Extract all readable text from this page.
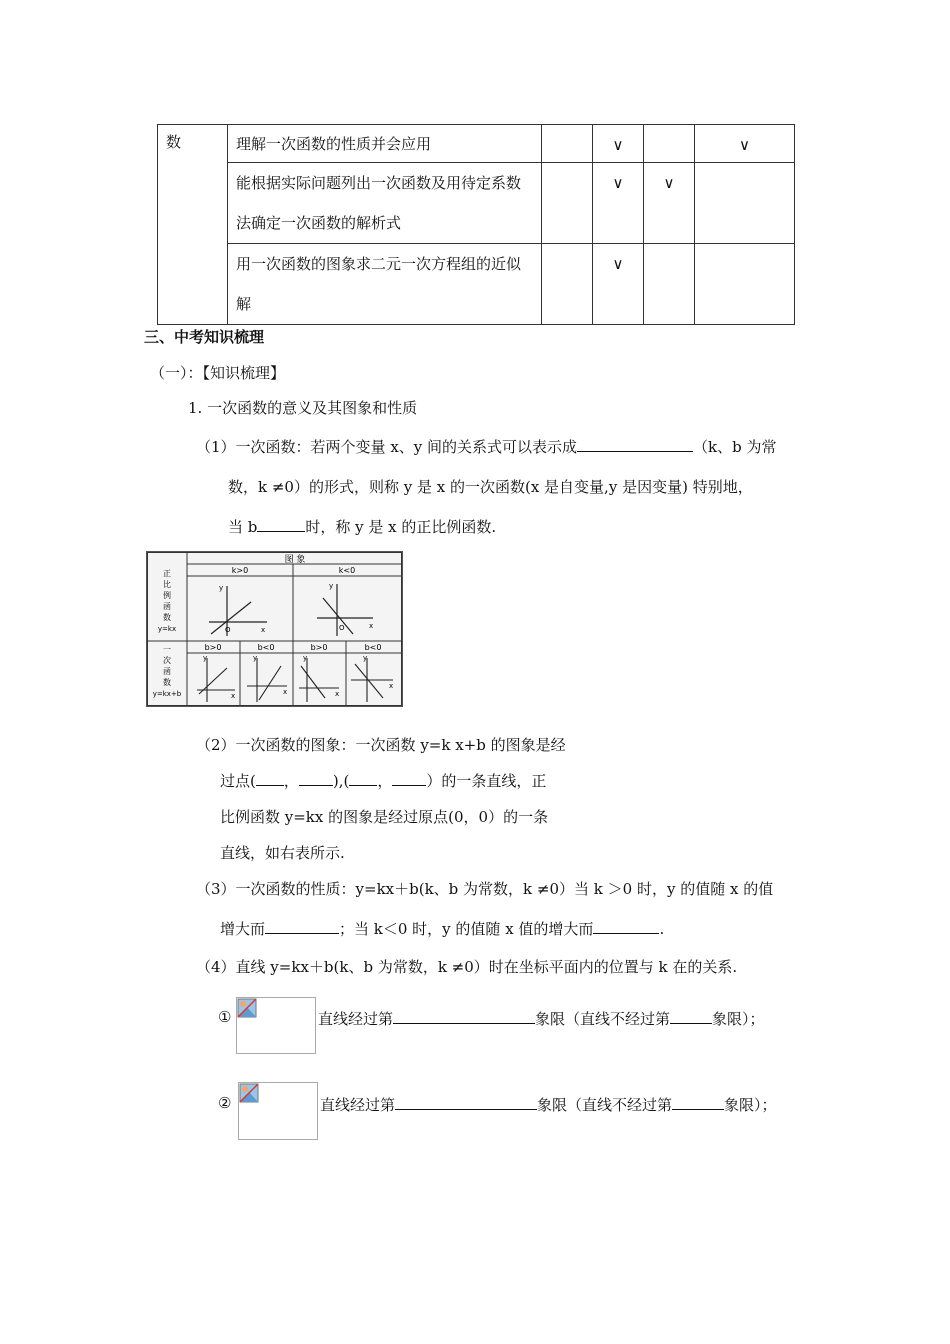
数	理解一次函数的性质并会应用		∨		∨

	能根据实际问题列出一次函数及用待定系数法确定一次函数的解析式		∨	∨	

	用一次函数的图象求二元一次方程组的近似解		∨		

三、中考知识梳理
（一）：【知识梳理】
1. 一次函数的意义及其图象和性质
（1）一次函数：若两个变量 x、y 间的关系式可以表示成	（k、b 为常
数，k ≠0）的形式，则称 y 是 x 的一次函数(x 是自变量,y 是因变量) 特别地，
当 b	时，称 y 是 x 的正比例函数.
图 象
正比例函数 y=kx
一次函数 y=kx+b
k>0	k<0
b>0	b<0	b>0	b<0
O	x
y
O	x
y
y
x
y
x
y
x
y
x
（2）一次函数的图象：一次函数 y=k x+b 的图象是经
过点( ， ),( ， ）的一条直线，正
比例函数 y=kx 的图象是经过原点(0，0）的一条
直线，如右表所示.
（3）一次函数的性质：y=kx＋b(k、b 为常数，k ≠0）当 k ＞0 时，y 的值随 x 的值
增大而	；当 k＜0 时，y 的值随 x 值的增大而	.
（4）直线 y=kx＋b(k、b 为常数，k ≠0）时在坐标平面内的位置与 k 在的关系.
①	直线经过第	象限（直线不经过第	象限）；
②	直线经过第	象限（直线不经过第	象限）；
